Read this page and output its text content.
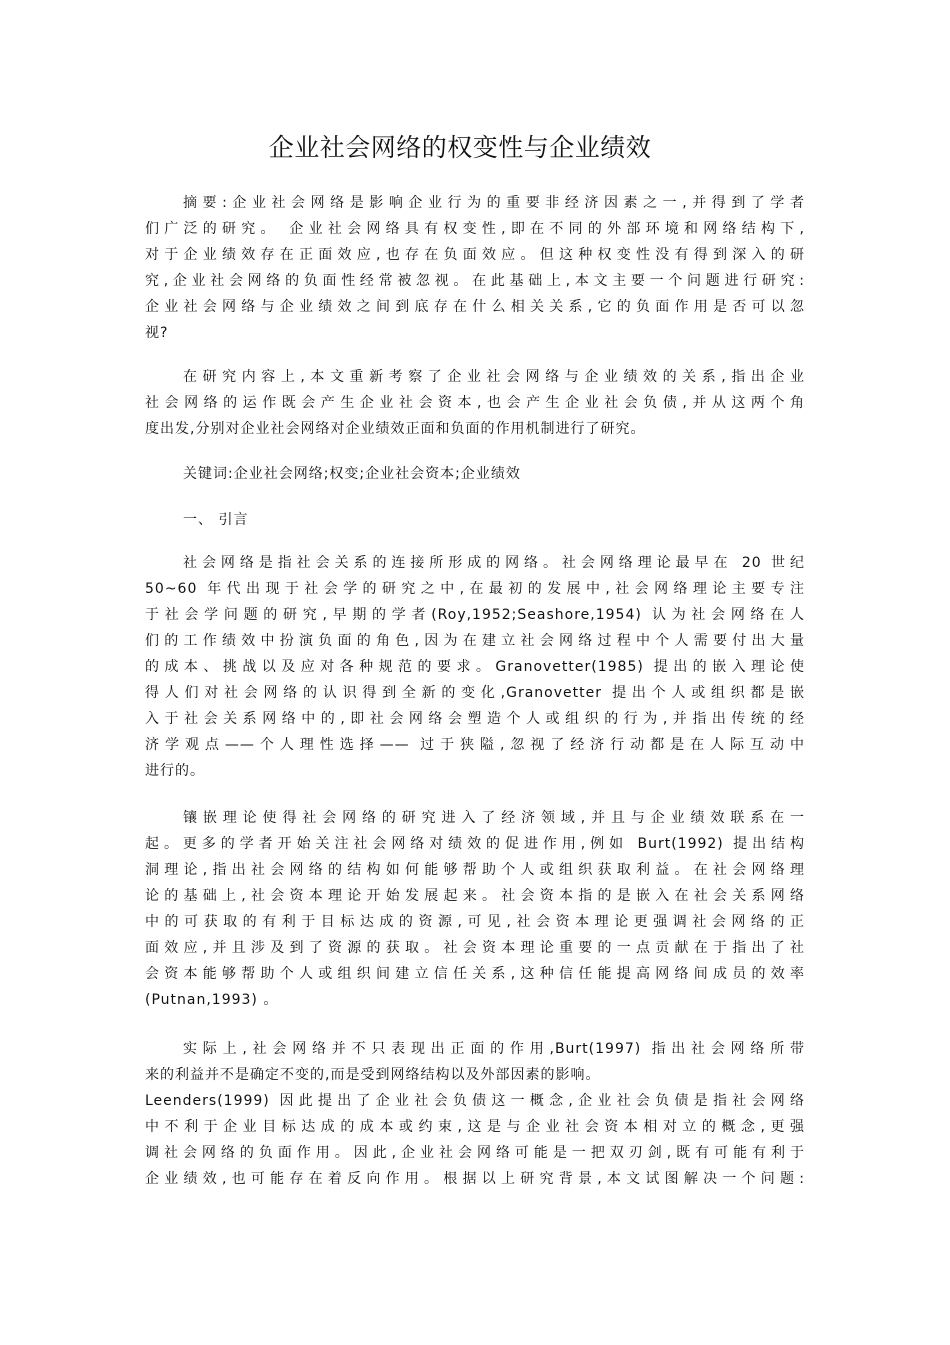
企业社会网络的权变性与企业绩效
摘要:企业社会网络是影响企业行为的重要非经济因素之一,并得到了学者
们广泛的研究。 企业社会网络具有权变性,即在不同的外部环境和网络结构下,
对于企业绩效存在正面效应,也存在负面效应。但这种权变性没有得到深入的研
究,企业社会网络的负面性经常被忽视。在此基础上,本文主要一个问题进行研究:
企业社会网络与企业绩效之间到底存在什么相关关系,它的负面作用是否可以忽
视?
在研究内容上,本文重新考察了企业社会网络与企业绩效的关系,指出企业
社会网络的运作既会产生企业社会资本,也会产生企业社会负债,并从这两个角
度出发,分别对企业社会网络对企业绩效正面和负面的作用机制进行了研究。
关键词:企业社会网络;权变;企业社会资本;企业绩效
一、 引言
社会网络是指社会关系的连接所形成的网络。社会网络理论最早在 20 世纪
50~60 年代出现于社会学的研究之中,在最初的发展中,社会网络理论主要专注
于社会学问题的研究,早期的学者(Roy,1952;Seashore,1954) 认为社会网络在人
们的工作绩效中扮演负面的角色,因为在建立社会网络过程中个人需要付出大量
的成本、挑战以及应对各种规范的要求。Granovetter(1985) 提出的嵌入理论使
得人们对社会网络的认识得到全新的变化,Granovetter 提出个人或组织都是嵌
入于社会关系网络中的,即社会网络会塑造个人或组织的行为,并指出传统的经
济学观点——个人理性选择—— 过于狭隘,忽视了经济行动都是在人际互动中
进行的。
镶嵌理论使得社会网络的研究进入了经济领域,并且与企业绩效联系在一
起。更多的学者开始关注社会网络对绩效的促进作用,例如 Burt(1992) 提出结构
洞理论,指出社会网络的结构如何能够帮助个人或组织获取利益。在社会网络理
论的基础上,社会资本理论开始发展起来。社会资本指的是嵌入在社会关系网络
中的可获取的有利于目标达成的资源,可见,社会资本理论更强调社会网络的正
面效应,并且涉及到了资源的获取。社会资本理论重要的一点贡献在于指出了社
会资本能够帮助个人或组织间建立信任关系,这种信任能提高网络间成员的效率
(Putnan,1993) 。
实际上,社会网络并不只表现出正面的作用,Burt(1997) 指出社会网络所带
来的利益并不是确定不变的,而是受到网络结构以及外部因素的影响。
Leenders(1999) 因此提出了企业社会负债这一概念,企业社会负债是指社会网络
中不利于企业目标达成的成本或约束,这是与企业社会资本相对立的概念,更强
调社会网络的负面作用。因此,企业社会网络可能是一把双刃剑,既有可能有利于
企业绩效,也可能存在着反向作用。根据以上研究背景,本文试图解决一个问题:
